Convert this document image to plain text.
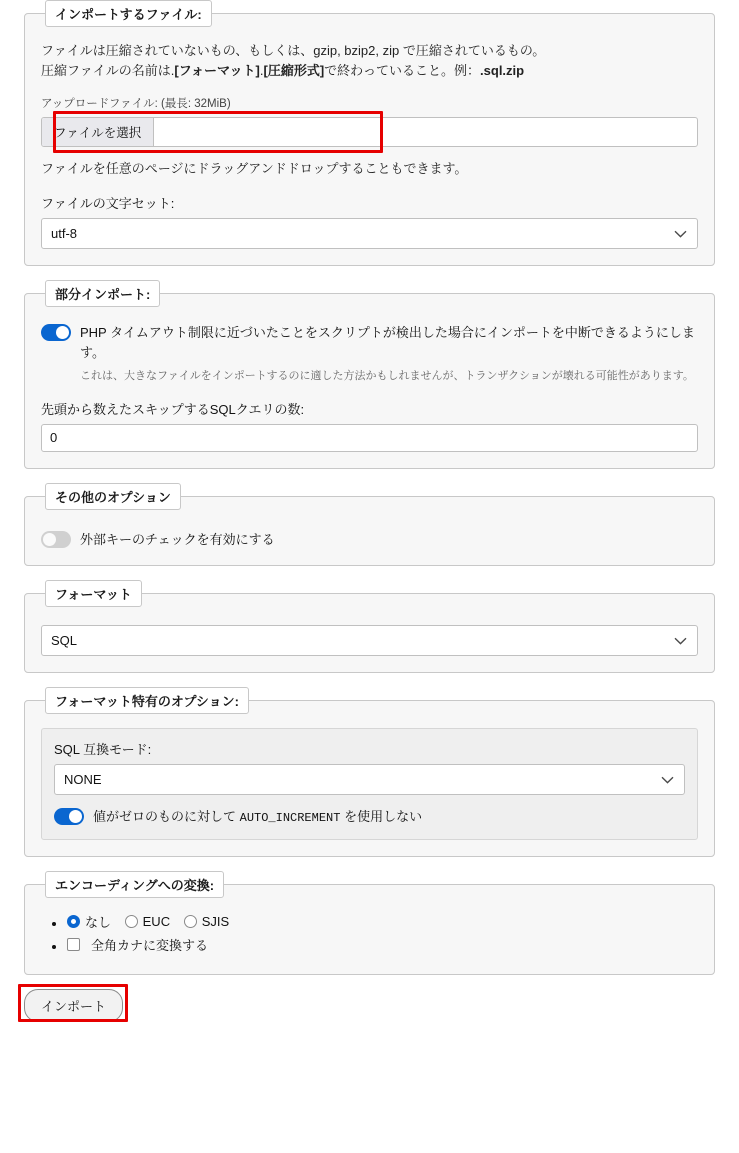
インポートするファイル:
ファイルは圧縮されていないもの、もしくは、gzip, bzip2, zip で圧縮されているもの。
圧縮ファイルの名前は.[フォーマット].[圧縮形式]で終わっていること。例：.sql.zip
アップロードファイル: (最長: 32MiB)
ファイルを選択
ファイルを任意のページにドラッグアンドドロップすることもできます。
ファイルの文字セット:
utf-8
部分インポート:
PHP タイムアウト制限に近づいたことをスクリプトが検出した場合にインポートを中断できるようにします。
これは、大きなファイルをインポートするのに適した方法かもしれませんが、トランザクションが壊れる可能性があります。
先頭から数えたスキップするSQLクエリの数:
0
その他のオプション
外部キーのチェックを有効にする
フォーマット
SQL
フォーマット特有のオプション:
SQL 互換モード:
NONE
値がゼロのものに対して AUTO_INCREMENT を使用しない
エンコーディングへの変換:
• なし
EUC
SJIS
• 全角カナに変換する
インポート
